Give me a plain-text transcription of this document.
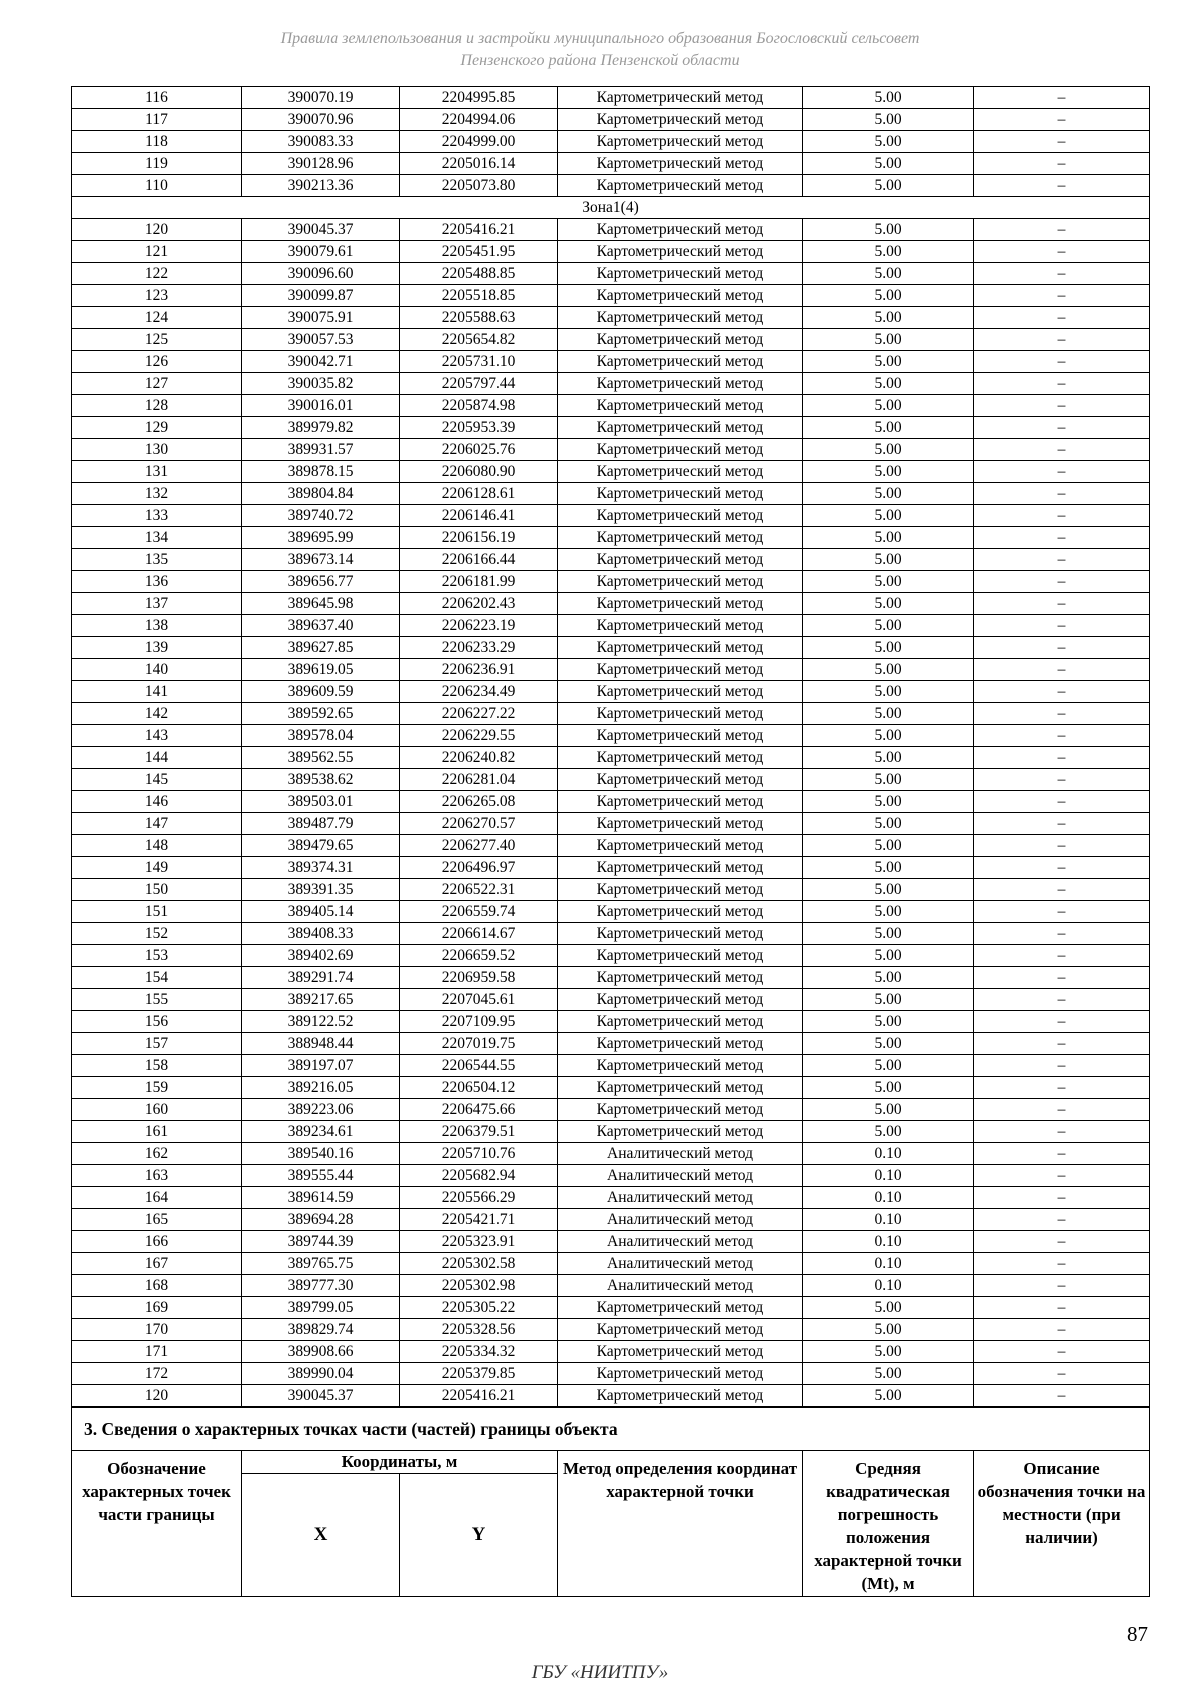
Правила землепользования и застройки муниципального образования Богословский сельсовет
Пензенского района Пензенской области
116	390070.19	2204995.85	Картометрический метод	5.00	–
117	390070.96	2204994.06	Картометрический метод	5.00	–
118	390083.33	2204999.00	Картометрический метод	5.00	–
119	390128.96	2205016.14	Картометрический метод	5.00	–
110	390213.36	2205073.80	Картометрический метод	5.00	–
Зона1(4)					
120	390045.37	2205416.21	Картометрический метод	5.00	–
121	390079.61	2205451.95	Картометрический метод	5.00	–
122	390096.60	2205488.85	Картометрический метод	5.00	–
123	390099.87	2205518.85	Картометрический метод	5.00	–
124	390075.91	2205588.63	Картометрический метод	5.00	–
125	390057.53	2205654.82	Картометрический метод	5.00	–
126	390042.71	2205731.10	Картометрический метод	5.00	–
127	390035.82	2205797.44	Картометрический метод	5.00	–
128	390016.01	2205874.98	Картометрический метод	5.00	–
129	389979.82	2205953.39	Картометрический метод	5.00	–
130	389931.57	2206025.76	Картометрический метод	5.00	–
131	389878.15	2206080.90	Картометрический метод	5.00	–
132	389804.84	2206128.61	Картометрический метод	5.00	–
133	389740.72	2206146.41	Картометрический метод	5.00	–
134	389695.99	2206156.19	Картометрический метод	5.00	–
135	389673.14	2206166.44	Картометрический метод	5.00	–
136	389656.77	2206181.99	Картометрический метод	5.00	–
137	389645.98	2206202.43	Картометрический метод	5.00	–
138	389637.40	2206223.19	Картометрический метод	5.00	–
139	389627.85	2206233.29	Картометрический метод	5.00	–
140	389619.05	2206236.91	Картометрический метод	5.00	–
141	389609.59	2206234.49	Картометрический метод	5.00	–
142	389592.65	2206227.22	Картометрический метод	5.00	–
143	389578.04	2206229.55	Картометрический метод	5.00	–
144	389562.55	2206240.82	Картометрический метод	5.00	–
145	389538.62	2206281.04	Картометрический метод	5.00	–
146	389503.01	2206265.08	Картометрический метод	5.00	–
147	389487.79	2206270.57	Картометрический метод	5.00	–
148	389479.65	2206277.40	Картометрический метод	5.00	–
149	389374.31	2206496.97	Картометрический метод	5.00	–
150	389391.35	2206522.31	Картометрический метод	5.00	–
151	389405.14	2206559.74	Картометрический метод	5.00	–
152	389408.33	2206614.67	Картометрический метод	5.00	–
153	389402.69	2206659.52	Картометрический метод	5.00	–
154	389291.74	2206959.58	Картометрический метод	5.00	–
155	389217.65	2207045.61	Картометрический метод	5.00	–
156	389122.52	2207109.95	Картометрический метод	5.00	–
157	388948.44	2207019.75	Картометрический метод	5.00	–
158	389197.07	2206544.55	Картометрический метод	5.00	–
159	389216.05	2206504.12	Картометрический метод	5.00	–
160	389223.06	2206475.66	Картометрический метод	5.00	–
161	389234.61	2206379.51	Картометрический метод	5.00	–
162	389540.16	2205710.76	Аналитический метод	0.10	–
163	389555.44	2205682.94	Аналитический метод	0.10	–
164	389614.59	2205566.29	Аналитический метод	0.10	–
165	389694.28	2205421.71	Аналитический метод	0.10	–
166	389744.39	2205323.91	Аналитический метод	0.10	–
167	389765.75	2205302.58	Аналитический метод	0.10	–
168	389777.30	2205302.98	Аналитический метод	0.10	–
169	389799.05	2205305.22	Картометрический метод	5.00	–
170	389829.74	2205328.56	Картометрический метод	5.00	–
171	389908.66	2205334.32	Картометрический метод	5.00	–
172	389990.04	2205379.85	Картометрический метод	5.00	–
120	390045.37	2205416.21	Картометрический метод	5.00	–
3. Сведения о характерных точках части (частей) границы объекта					
Обозначение характерных точек части границы	Координаты, м		Метод определения координат характерной точки	Средняя квадратическая погрешность положения характерной точки (Mt), м	Описание обозначения точки на местности (при наличии)
	X	Y			
87
ГБУ «НИИТПУ»
